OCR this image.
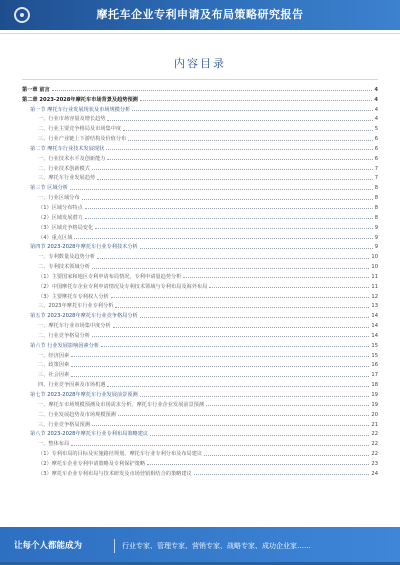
摩托车企业专利申请及布局策略研究报告
内容目录
第一章 前言	4
第二章 2023-2028年摩托车市场背景及趋势预测	4
第一节 摩托车行业发展现状及市场规模分析	4
一、行业市场容量及增长趋势	4
二、行业主要竞争格局及市场集中度	5
三、行业产业链上下游结构及价值分布	6
第二节 摩托车行业技术发展现状	6
一、行业技术水平及创新能力	6
二、行业技术创新模式	7
三、摩托车行业发展趋势	7
第三节 区域分析	8
一、行业区域分布	8
（1）区域分布特点	8
（2）区域发展潜力	8
（3）区域竞争格局变化	9
（4）重点区域	9
第四节 2023-2028年摩托车行业专利技术分析	9
一、专利数量及趋势分析	10
二、专利技术领域分析	10
（1）主要国家和地区专利申请布局情况，专利申请量趋势分析	11
（2）中国摩托车企业专利申请情况及专利技术领域与专利布局及海外布局	11
（3）主要摩托车专利权人分析	12
三、2023年摩托车行业专利分析	13
第五节 2023-2028年摩托车行业竞争格局分析	14
一、摩托车行业市场集中度分析	14
二、行业竞争格局分析	14
第六节 行业发展影响因素分析	15
一、经济因素	15
二、政策因素	16
三、社会因素	17
四、行业竞争因素及市场机遇	18
第七节 2023-2028年摩托车行业发展前景预测	19
一、摩托车市场规模预测及市场需求分析，摩托车行业企业发展前景预测	19
二、行业发展趋势及市场规模预测	20
三、行业竞争格局预测	21
第八节 2023-2028年摩托车行业专利布局策略建议	22
一、整体布局	22
（1）专利布局的目标及实施路径规划，摩托车行业专利分布及布局建议	22
（2）摩托车企业专利申请策略及专利保护策略	23
（3）摩托车企业专利布局与技术研发及市场营销相结合的策略建议	24
让每个人都能成为	行业专家、管理专家、营销专家、战略专家、成功企业家……
